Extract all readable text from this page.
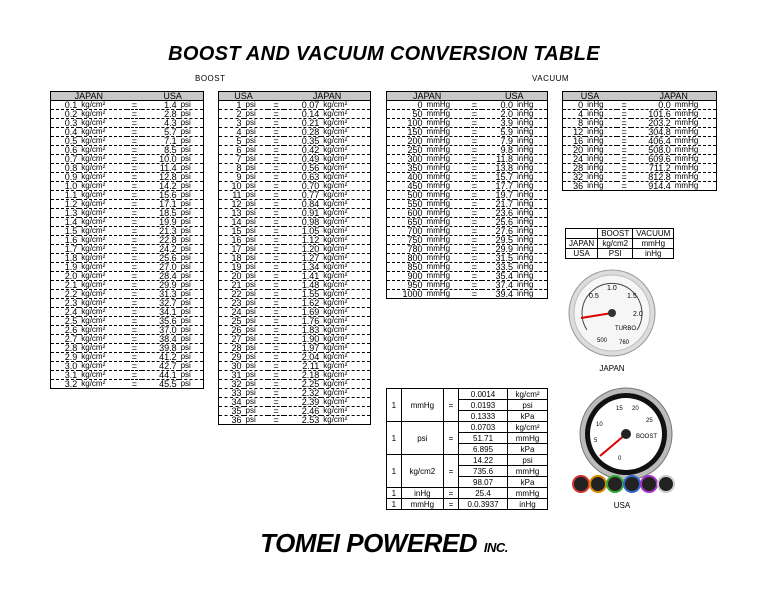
BOOST AND VACUUM CONVERSION TABLE
BOOST	VACUUM
JAPAN			USA	
0.1	kg/cm²	=	1.4	psi
0.2	kg/cm²	=	2.8	psi
0.3	kg/cm²	=	4.3	psi
0.4	kg/cm²	=	5.7	psi
0.5	kg/cm²	=	7.1	psi
0.6	kg/cm²	=	8.5	psi
0.7	kg/cm²	=	10.0	psi
0.8	kg/cm²	=	11.4	psi
0.9	kg/cm²	=	12.8	psi
1.0	kg/cm²	=	14.2	psi
1.1	kg/cm²	=	15.6	psi
1.2	kg/cm²	=	17.1	psi
1.3	kg/cm²	=	18.5	psi
1.4	kg/cm²	=	19.9	psi
1.5	kg/cm²	=	21.3	psi
1.6	kg/cm²	=	22.8	psi
1.7	kg/cm²	=	24.2	psi
1.8	kg/cm²	=	25.6	psi
1.9	kg/cm²	=	27.0	psi
2.0	kg/cm²	=	28.4	psi
2.1	kg/cm²	=	29.9	psi
2.2	kg/cm²	=	31.3	psi
2.3	kg/cm²	=	32.7	psi
2.4	kg/cm²	=	34.1	psi
2.5	kg/cm²	=	35.6	psi
2.6	kg/cm²	=	37.0	psi
2.7	kg/cm²	=	38.4	psi
2.8	kg/cm²	=	39.8	psi
2.9	kg/cm²	=	41.2	psi
3.0	kg/cm²	=	42.7	psi
3.1	kg/cm²	=	44.1	psi
3.2	kg/cm²	=	45.5	psi
USA			JAPAN	
1	psi	=	0.07	kg/cm²
2	psi	=	0.14	kg/cm²
3	psi	=	0.21	kg/cm²
4	psi	=	0.28	kg/cm²
5	psi	=	0.35	kg/cm²
6	psi	=	0.42	kg/cm²
7	psi	=	0.49	kg/cm²
8	psi	=	0.56	kg/cm²
9	psi	=	0.63	kg/cm²
10	psi	=	0.70	kg/cm²
11	psi	=	0.77	kg/cm²
12	psi	=	0.84	kg/cm²
13	psi	=	0.91	kg/cm²
14	psi	=	0.98	kg/cm²
15	psi	=	1.05	kg/cm²
16	psi	=	1.12	kg/cm²
17	psi	=	1.20	kg/cm²
18	psi	=	1.27	kg/cm²
19	psi	=	1.34	kg/cm²
20	psi	=	1.41	kg/cm²
21	psi	=	1.48	kg/cm²
22	psi	=	1.55	kg/cm²
23	psi	=	1.62	kg/cm²
24	psi	=	1.69	kg/cm²
25	psi	=	1.76	kg/cm²
26	psi	=	1.83	kg/cm²
27	psi	=	1.90	kg/cm²
28	psi	=	1.97	kg/cm²
29	psi	=	2.04	kg/cm²
30	psi	=	2.11	kg/cm²
31	psi	=	2.18	kg/cm²
32	psi	=	2.25	kg/cm²
33	psi	=	2.32	kg/cm²
34	psi	=	2.39	kg/cm²
35	psi	=	2.46	kg/cm²
36	psi	=	2.53	kg/cm²
JAPAN			USA	
0	mmHg	=	0.0	inHg
50	mmHg	=	2.0	inHg
100	mmHg	=	3.9	inHg
150	mmHg	=	5.9	inHg
200	mmHg	=	7.9	inHg
250	mmHg	=	9.8	inHg
300	mmHg	=	11.8	inHg
350	mmHg	=	13.8	inHg
400	mmHg	=	15.7	inHg
450	mmHg	=	17.7	inHg
500	mmHg	=	19.7	inHg
550	mmHg	=	21.7	inHg
600	mmHg	=	23.6	inHg
650	mmHg	=	25.6	inHg
700	mmHg	=	27.6	inHg
750	mmHg	=	29.5	inHg
780	mmHg	=	29.9	inHg
800	mmHg	=	31.5	inHg
850	mmHg	=	33.5	inHg
900	mmHg	=	35.4	inHg
950	mmHg	=	37.4	inHg
1000	mmHg	=	39.4	inHg
USA			JAPAN	
0	inHg	=	0.0	mmHg
4	inHg	=	101.6	mmHg
8	inHg	=	203.2	mmHg
12	inHg	=	304.8	mmHg
16	inHg	=	406.4	mmHg
20	inHg	=	508.0	mmHg
24	inHg	=	609.6	mmHg
28	inHg	=	711.2	mmHg
32	inHg	=	812.8	mmHg
36	inHg	=	914.4	mmHg
	BOOST	VACUUM
JAPAN	kg/cm2	mmHg
USA	PSI	inHg
1	mmHg	=	0.0014	kg/cm²
			0.0193	psi
			0.1333	kPa
1	psi	=	0.0703	kg/cm²
			51.71	mmHg
			6.895	kPa
1	kg/cm2	=	14.22	psi
			735.6	mmHg
			98.07	kPa
1	inHg	=	25.4	mmHg
1	mmHg	=	0.0.3937	inHg
0.5
1.0
1.5
2.0
500 760
TURBO
JAPAN
BOOST
15 20
25
10
5
0
USA
TOMEI POWERED INC.
